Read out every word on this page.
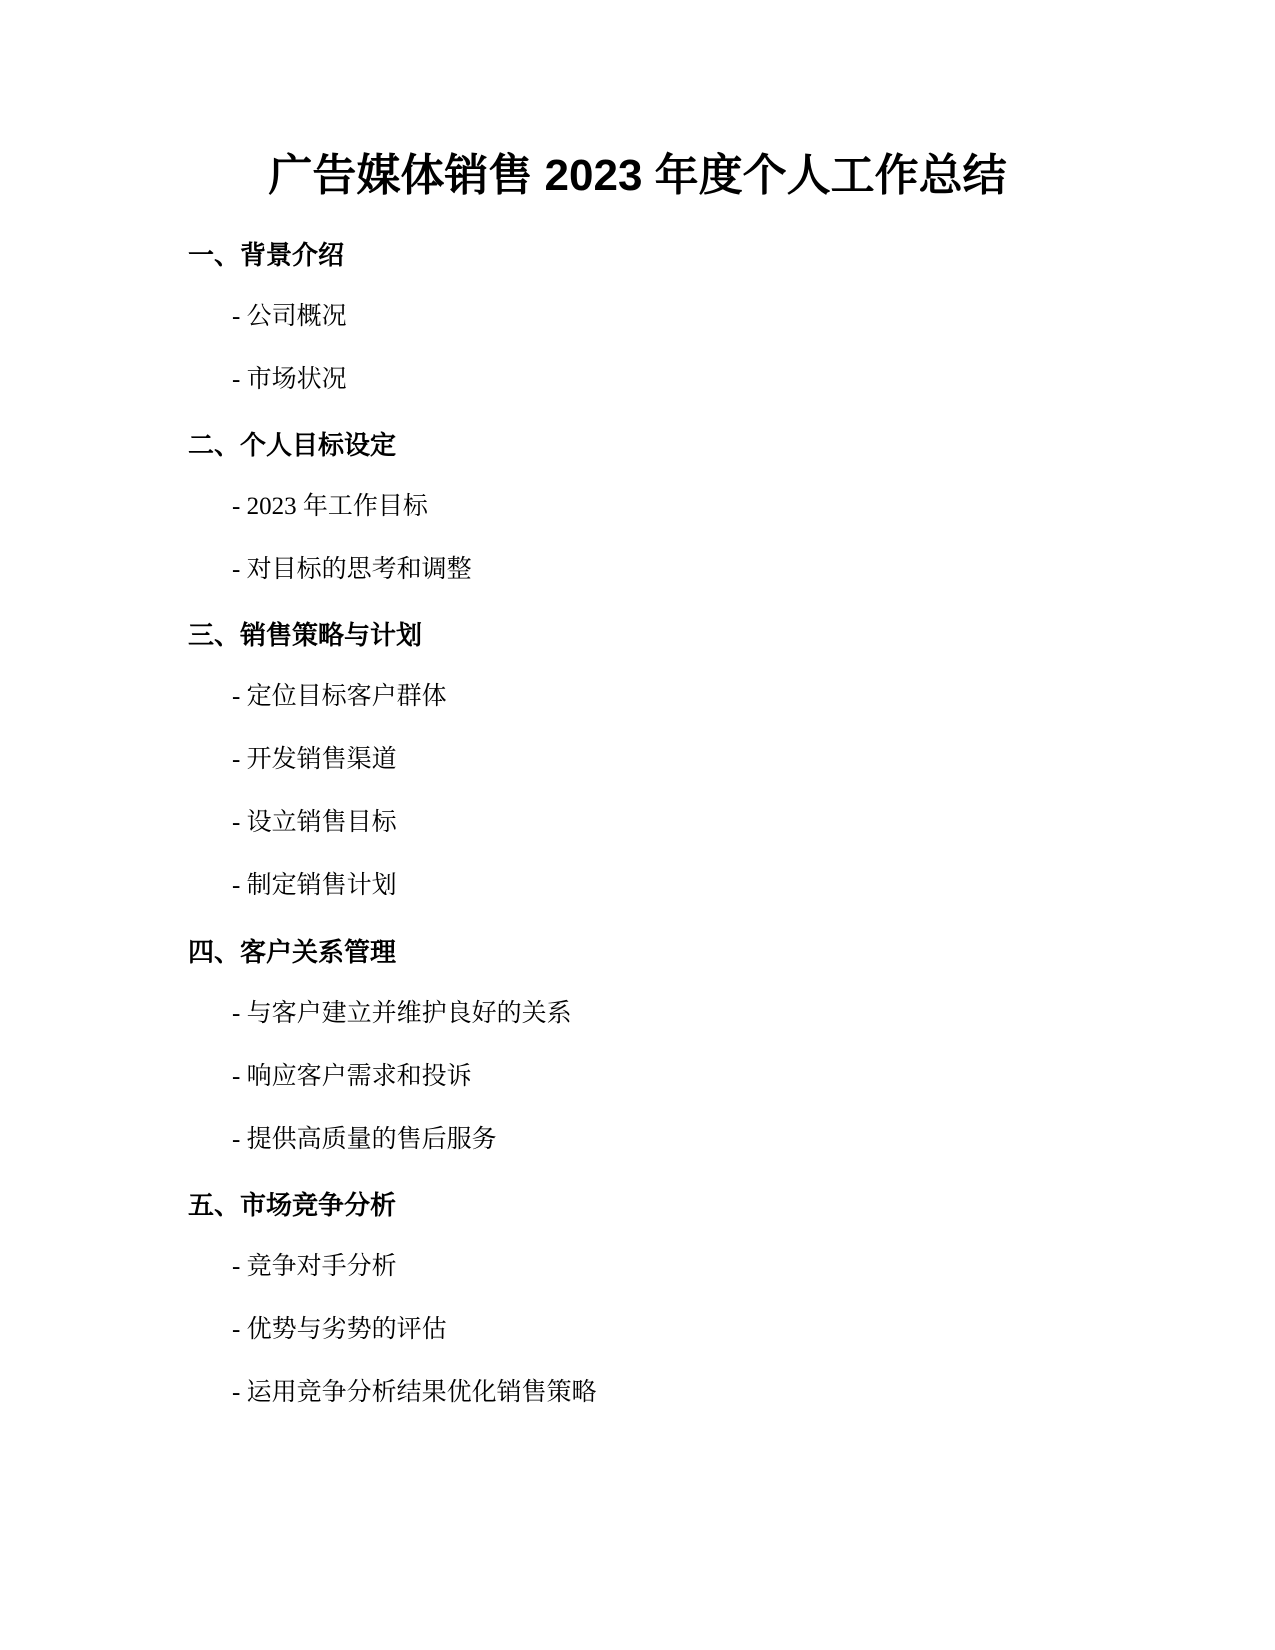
广告媒体销售 2023 年度个人工作总结
一、背景介绍
- 公司概况
- 市场状况
二、个人目标设定
- 2023 年工作目标
- 对目标的思考和调整
三、销售策略与计划
- 定位目标客户群体
- 开发销售渠道
- 设立销售目标
- 制定销售计划
四、客户关系管理
- 与客户建立并维护良好的关系
- 响应客户需求和投诉
- 提供高质量的售后服务
五、市场竞争分析
- 竞争对手分析
- 优势与劣势的评估
- 运用竞争分析结果优化销售策略
